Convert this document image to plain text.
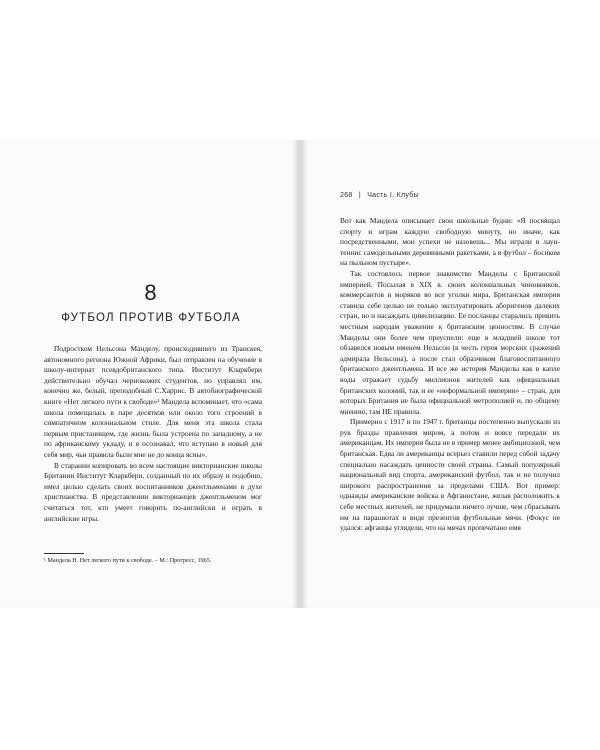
8
ФУТБОЛ ПРОТИВ ФУТБОЛА

Подростком Нельсона Манделу, происходившего из Транскея, автономного региона Южной Африки, был отправлен на обучение в школу-интернат псевдобританского типа. Институт Кларкбери действительно обучал чернокожих студентов, но управлял им, конечно же, белый, преподобный С.Харрис. В автобиографической книге «Нет легкого пути к свободе»¹ Мандела вспоминает, что «сама школа помещалась в паре десятков или около того строений в симпатичном колониальном стиле. Для меня эта школа стала первым пристанищем, где жизнь была устроена по западному, а не по африканскому укладу, и я осознавал, что вступаю в новый для себя мир, чьи правила были мне не до конца ясны».

В старании копировать во всем настоящие викторианские школы Британии Институт Кларкбери, созданный по их образу и подобию, имел целью сделать своих воспитанников джентльменами в духе христианства. В представлении викторианцев джентльменом мог считаться тот, кто умеет говорить по-английски и играть в английские игры.

¹ Мандела Н. Нет легкого пути к свободе. – М.: Прогресс, 1965.
268 | Часть I. Клубы

Вот как Мандела описывает свои школьные будни: «Я посвящал спорту и играм каждую свободную минуту, но иначе, как посредственными, мои успехи не назовешь... Мы играли в лаун-теннис самодельными деревянными ракетками, а в футбол – босиком на пыльном пустыре».

Так состоялось первое знакомство Манделы с Британской империей. Посылая в XIX в. своих колониальных чиновников, коммерсантов и моряков во все уголки мира, Британская империя ставила себе целью не только эксплуатировать аборигенов далеких стран, но и насаждать цивилизацию. Ее посланцы старались привить местным народам уважение к британским ценностям. В случае Манделы они более чем преуспели: еще в младшей школе тот обзавелся новым именем Нельсон (в честь героя морских сражений адмирала Нельсона), а после стал образчиком благовоспитанного британского джентльмена. И все же история Манделы как в капле воды отражает судьбу миллионов жителей как официальных британских колоний, так и ее «неформальной империи» – стран, для которых Британия не была официальной метрополией и, по общему мнению, там НЕ правила.

Примерно с 1917 и по 1947 г. британцы постепенно выпускали из рук бразды правления миром, а потом и вовсе передали их американцам. Их империя была не в пример менее амбициозной, чем британская. Едва ли американцы всерьез ставили перед собой задачу специально насаждать ценности своей страны. Самый популярный национальный вид спорта, американский футбол, так и не получил широкого распространения за пределами США. Вот пример: однажды американские войска в Афганистане, желая расположить к себе местных жителей, не придумали ничего лучше, чем сбрасывать им на парашютах в виде презентов футбольные мячи. (Фокус не удался: афганцы углядели, что на мячах пропечатано имя
